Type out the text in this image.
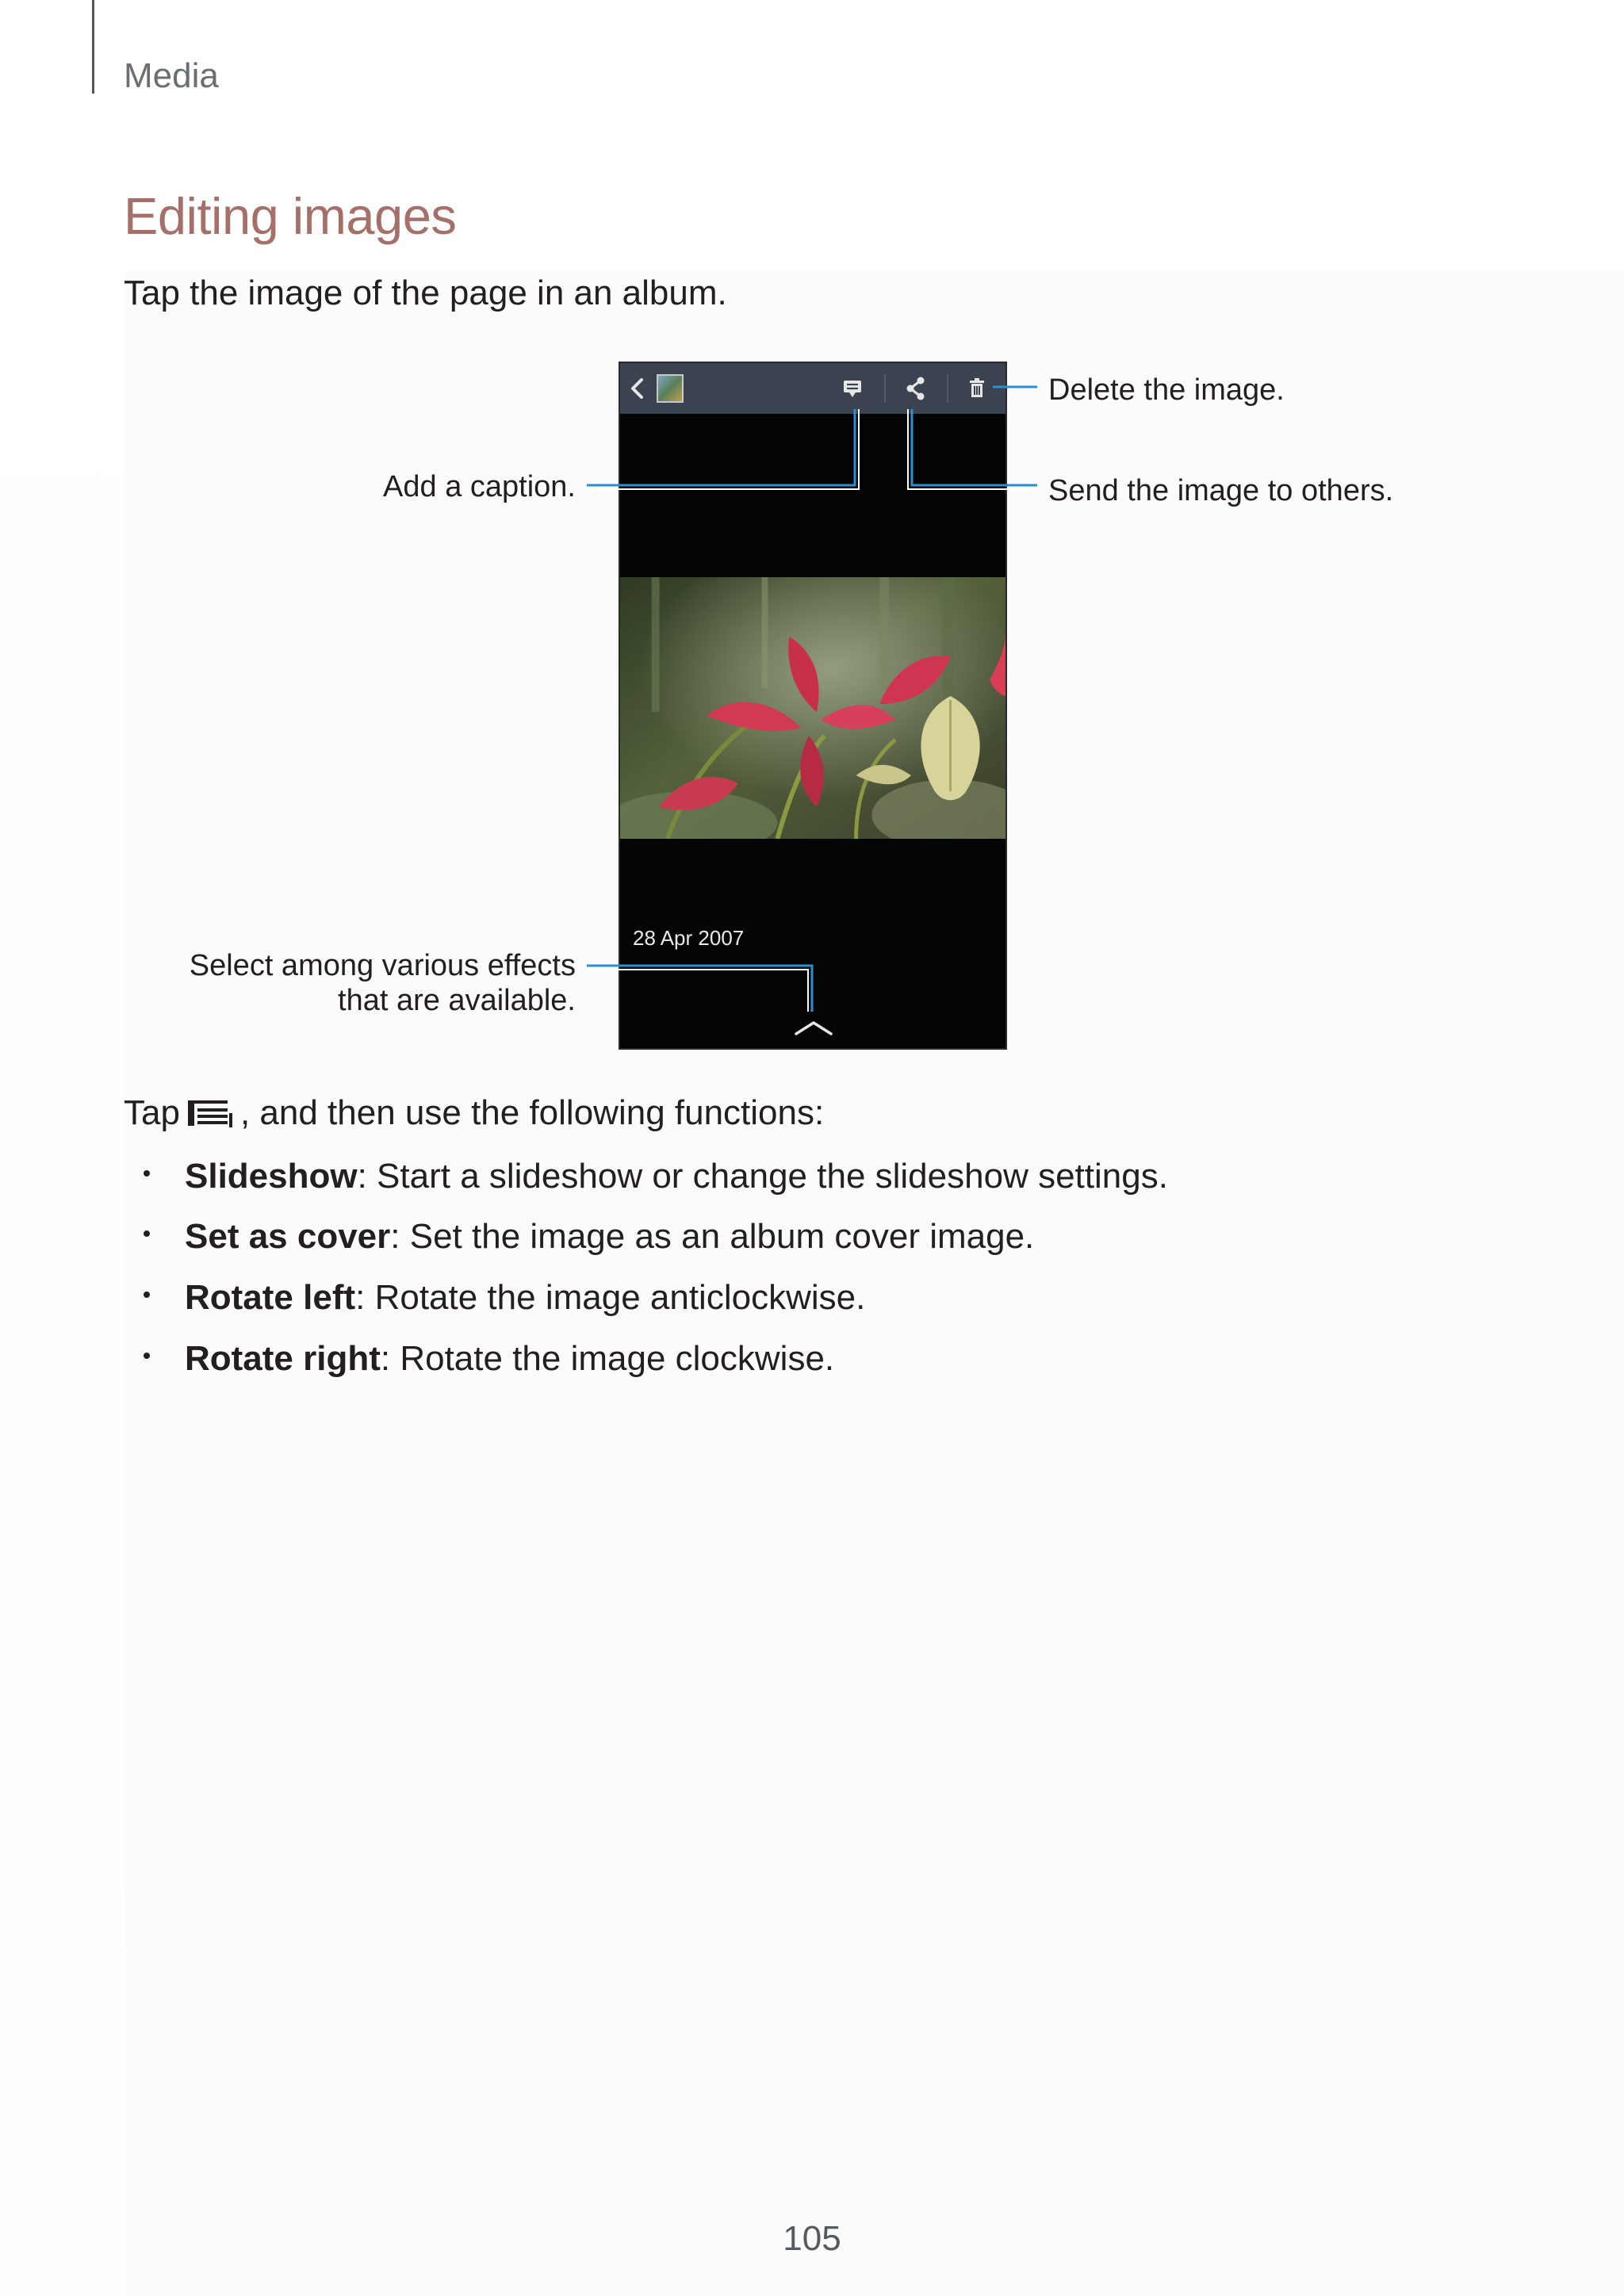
Media
Editing images
Tap the image of the page in an album.
28 Apr 2007
Delete the image.
Send the image to others.
Add a caption.
Select among various effects
that are available.
Tap , and then use the following functions:
Slideshow: Start a slideshow or change the slideshow settings.
Set as cover: Set the image as an album cover image.
Rotate left: Rotate the image anticlockwise.
Rotate right: Rotate the image clockwise.
105
